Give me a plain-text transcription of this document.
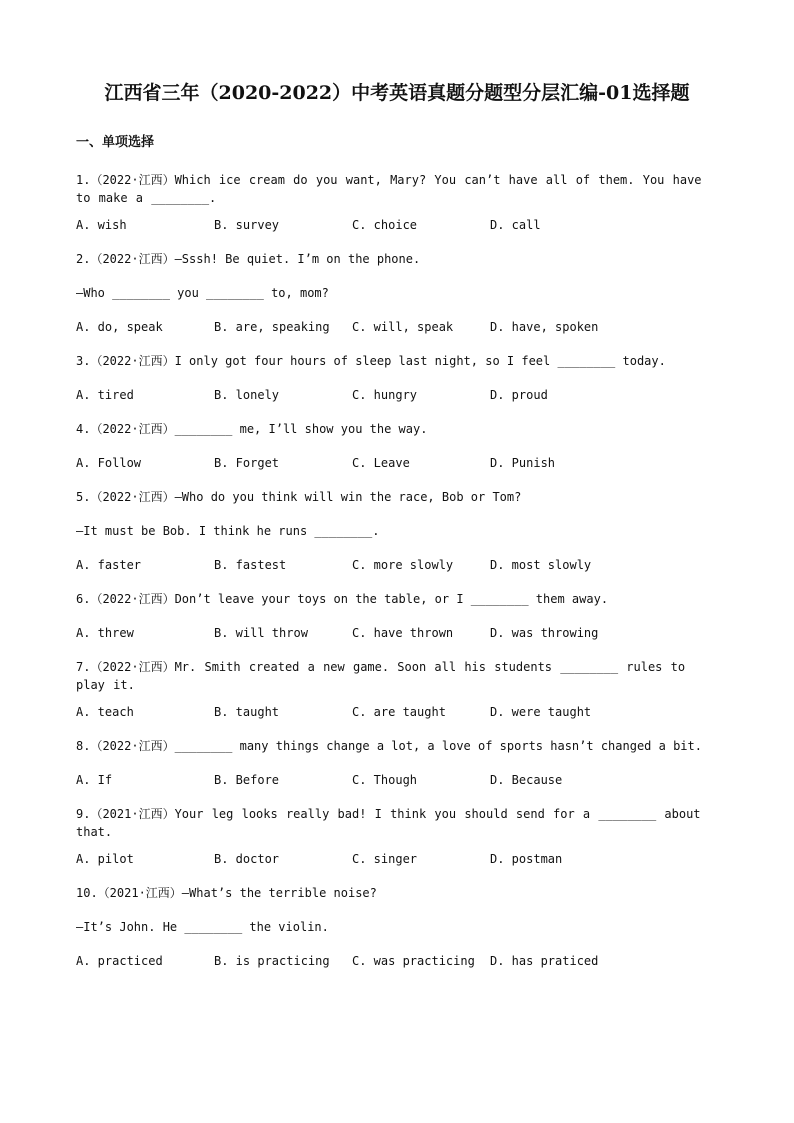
江西省三年（2020-2022）中考英语真题分题型分层汇编-01选择题
一、单项选择
1.（2022·江西）Which ice cream do you want, Mary? You can’t have all of them. You have to make a ________.
A. wish	B. survey	C. choice	D. call
2.（2022·江西）—Sssh! Be quiet. I’m on the phone.
—Who ________ you ________ to, mom?
A. do, speak	B. are, speaking	C. will, speak	D. have, spoken
3.（2022·江西）I only got four hours of sleep last night, so I feel ________ today.
A. tired	B. lonely	C. hungry	D. proud
4.（2022·江西）________ me, I’ll show you the way.
A. Follow	B. Forget	C. Leave	D. Punish
5.（2022·江西）—Who do you think will win the race, Bob or Tom?
—It must be Bob. I think he runs ________.
A. faster	B. fastest	C. more slowly	D. most slowly
6.（2022·江西）Don’t leave your toys on the table, or I ________ them away.
A. threw	B. will throw	C. have thrown	D. was throwing
7.（2022·江西）Mr. Smith created a new game. Soon all his students ________ rules to play it.
A. teach	B. taught	C. are taught	D. were taught
8.（2022·江西）________ many things change a lot, a love of sports hasn’t changed a bit.
A. If	B. Before	C. Though	D. Because
9.（2021·江西）Your leg looks really bad! I think you should send for a ________ about that.
A. pilot	B. doctor	C. singer	D. postman
10.（2021·江西）—What’s the terrible noise?
—It’s John. He ________ the violin.
A. practiced	B. is practicing	C. was practicing	D. has praticed
